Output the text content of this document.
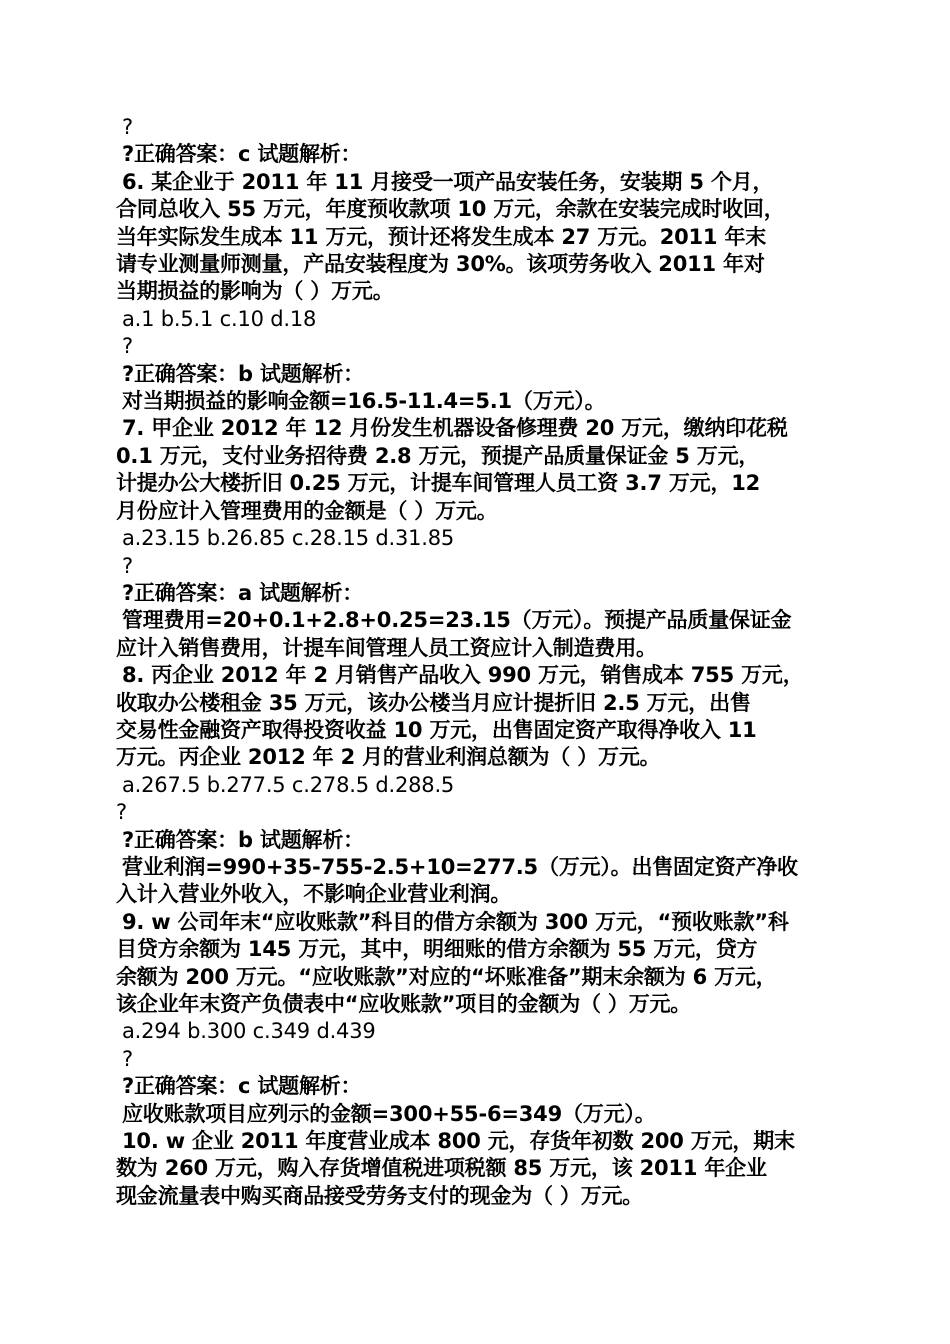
?
?正确答案：c 试题解析：
6. 某企业于 2011 年 11 月接受一项产品安装任务，安装期 5 个月，
合同总收入 55 万元，年度预收款项 10 万元，余款在安装完成时收回，
当年实际发生成本 11 万元，预计还将发生成本 27 万元。2011 年末
请专业测量师测量，产品安装程度为 30%。该项劳务收入 2011 年对
当期损益的影响为（ ）万元。
a.1 b.5.1 c.10 d.18
?
?正确答案：b 试题解析：
对当期损益的影响金额=16.5-11.4=5.1（万元）。
7. 甲企业 2012 年 12 月份发生机器设备修理费 20 万元，缴纳印花税
0.1 万元，支付业务招待费 2.8 万元，预提产品质量保证金 5 万元，
计提办公大楼折旧 0.25 万元，计提车间管理人员工资 3.7 万元，12
月份应计入管理费用的金额是（ ）万元。
a.23.15 b.26.85 c.28.15 d.31.85
?
?正确答案：a 试题解析：
管理费用=20+0.1+2.8+0.25=23.15（万元）。预提产品质量保证金
应计入销售费用，计提车间管理人员工资应计入制造费用。
8. 丙企业 2012 年 2 月销售产品收入 990 万元，销售成本 755 万元，
收取办公楼租金 35 万元，该办公楼当月应计提折旧 2.5 万元，出售
交易性金融资产取得投资收益 10 万元，出售固定资产取得净收入 11
万元。丙企业 2012 年 2 月的营业利润总额为（ ）万元。
a.267.5 b.277.5 c.278.5 d.288.5
?
?正确答案：b 试题解析：
营业利润=990+35-755-2.5+10=277.5（万元）。出售固定资产净收
入计入营业外收入，不影响企业营业利润。
9. w 公司年末“应收账款”科目的借方余额为 300 万元，“预收账款”科
目贷方余额为 145 万元，其中，明细账的借方余额为 55 万元，贷方
余额为 200 万元。“应收账款”对应的“坏账准备”期末余额为 6 万元，
该企业年末资产负债表中“应收账款”项目的金额为（ ）万元。
a.294 b.300 c.349 d.439
?
?正确答案：c 试题解析：
应收账款项目应列示的金额=300+55-6=349（万元）。
10. w 企业 2011 年度营业成本 800 元，存货年初数 200 万元，期末
数为 260 万元，购入存货增值税进项税额 85 万元，该 2011 年企业
现金流量表中购买商品接受劳务支付的现金为（ ）万元。
